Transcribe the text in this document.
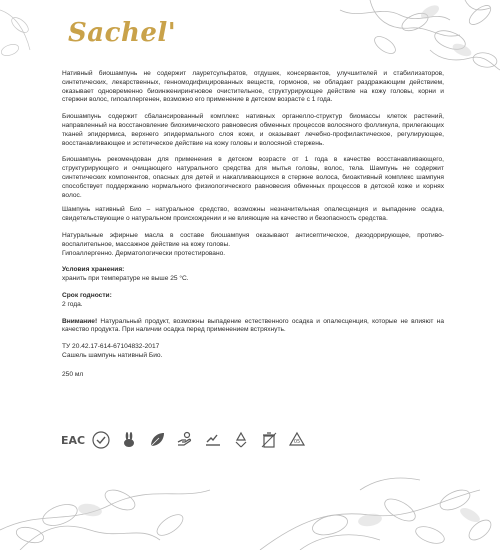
Sachel'

Нативный биошампунь не содержит лауретсульфатов, отдушек, консервантов, улучшителей и стабилизаторов, синтетических, лекарственных, генномодифицированных веществ, гормонов, не обладает раздражающим действием, оказывает одновременно биоинженирингновое очистительное, структурирующее действие на кожу головы, корни и стержни волос, гипоаллергенен, возможно его применение в детском возрасте с 1 года.

Биошампунь содержит сбалансированный комплекс нативных органелло-структур биомассы клеток растений, направленный на восстановление биохимического равновесия обменных процессов волосяного фолликула, прилегающих тканей эпидермиса, верхнего эпидермального слоя кожи, и оказывает лечебно-профилактическое, регулирующее, восстанавливающее и эстетическое действие на кожу головы и волосяной стержень.

Биошампунь рекомендован для применения в детском возрасте от 1 года в качестве восстанавливающего, структурирующего и очищающего натурального средства для мытья головы, волос, тела. Шампунь не содержит синтетических компонентов, опасных для детей и накапливающихся в стержне волоса, биоактивный комплекс шампуня способствует поддержанию нормального физиологического равновесия обменных процессов в детской коже и корнях волос.

Шампунь нативный Био – натуральное средство, возможны незначительная опалесценция и выпадение осадка, свидетельствующие о натуральном происхождении и не влияющие на качество и безопасность средства.

Натуральные эфирные масла в составе биошампуня оказывают антисептическое, дезодорирующее, противо-воспалительное, массажное действие на кожу головы.

Гипоаллергенно. Дерматологически протестировано.

Условия хранения:
хранить при температуре не выше 25 °С.
Срок годности:
2 года.

Внимание! Натуральный продукт, возможны выпадение естественного осадка и опалесценция, которые не влияют на качество продукта. При наличии осадка перед применением встряхнуть.

ТУ 20.42.17-614-67104832-2017
Сашель шампунь нативный Био.
250 мл
ЕАС	05
